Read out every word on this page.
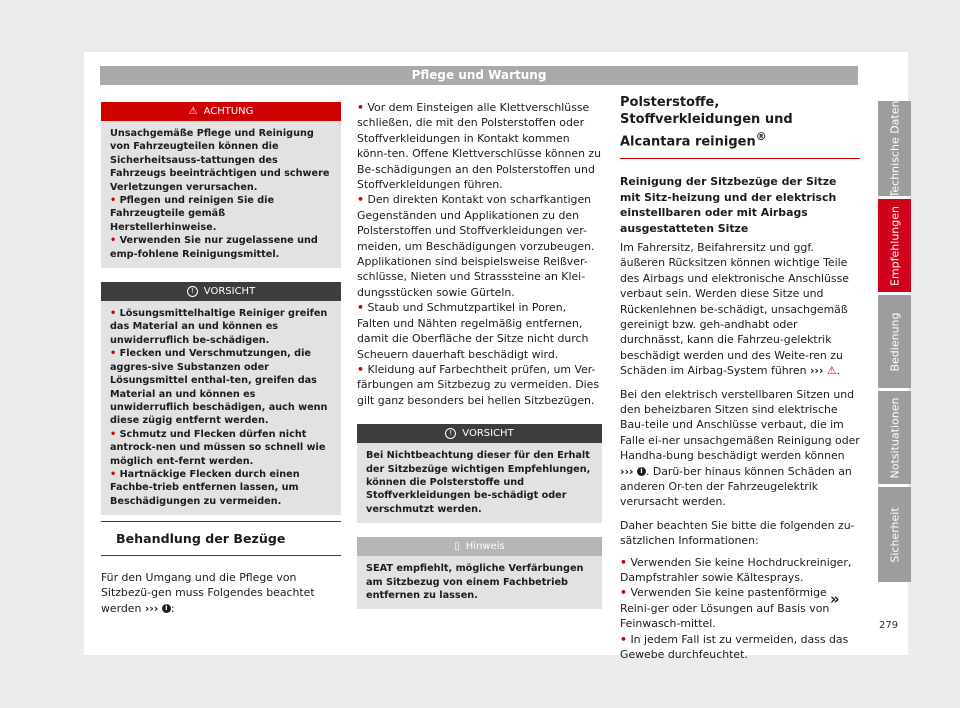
Pflege und Wartung
⚠ ACHTUNG

Unsachgemäße Pflege und Reinigung von Fahrzeugteilen können die Sicherheitsauss-tattungen des Fahrzeugs beeinträchtigen und schwere Verletzungen verursachen.

• Pflegen und reinigen Sie die Fahrzeugteile gemäß Herstellerhinweise.

• Verwenden Sie nur zugelassene und emp-fohlene Reinigungsmittel.

!	VORSICHT

• Lösungsmittelhaltige Reiniger greifen das Material an und können es unwiderruflich be-schädigen.

• Flecken und Verschmutzungen, die aggres-sive Substanzen oder Lösungsmittel enthal-ten, greifen das Material an und können es unwiderruflich beschädigen, auch wenn diese zügig entfernt werden.

• Schmutz und Flecken dürfen nicht antrock-nen und müssen so schnell wie möglich ent-fernt werden.

• Hartnäckige Flecken durch einen Fachbe-trieb entfernen lassen, um Beschädigungen zu vermeiden.

Behandlung der Bezüge

Für den Umgang und die Pflege von Sitzbezü-gen muss Folgendes beachtet werden ››› i :

• Vor dem Einsteigen alle Klettverschlüsse schließen, die mit den Polsterstoffen oder Stoffverkleidungen in Kontakt kommen könn-ten. Offene Klettverschlüsse können zu Be-schädigungen an den Polsterstoffen und Stoffverkleidungen führen.

• Den direkten Kontakt von scharfkantigen Gegenständen und Applikationen zu den Polsterstoffen und Stoffverkleidungen ver-meiden, um Beschädigungen vorzubeugen. Applikationen sind beispielsweise Reißver-schlüsse, Nieten und Strasssteine an Klei-dungsstücken sowie Gürteln.

• Staub und Schmutzpartikel in Poren, Falten und Nähten regelmäßig entfernen, damit die Oberfläche der Sitze nicht durch Scheuern dauerhaft beschädigt wird.

• Kleidung auf Farbechtheit prüfen, um Ver-färbungen am Sitzbezug zu vermeiden. Dies gilt ganz besonders bei hellen Sitzbezügen.

!	VORSICHT

Bei Nichtbeachtung dieser für den Erhalt der Sitzbezüge wichtigen Empfehlungen, können die Polsterstoffe und Stoffverkleidungen be-schädigt oder verschmutzt werden.

▯ Hinweis

SEAT empfiehlt, mögliche Verfärbungen am Sitzbezug von einem Fachbetrieb entfernen zu lassen.

Polsterstoffe, Stoffverkleidungen und
Alcantara reinigen®

Reinigung der Sitzbezüge der Sitze mit Sitz-heizung und der elektrisch einstellbaren oder mit Airbags ausgestatteten Sitze

Im Fahrersitz, Beifahrersitz und ggf. äußeren Rücksitzen können wichtige Teile des Airbags und elektronische Anschlüsse verbaut sein. Werden diese Sitze und Rückenlehnen be-schädigt, unsachgemäß gereinigt bzw. geh-andhabt oder durchnässt, kann die Fahrzeu-gelektrik beschädigt werden und des Weite-ren zu Schäden im Airbag-System führen ››› ⚠.

Bei den elektrisch verstellbaren Sitzen und den beheizbaren Sitzen sind elektrische Bau-teile und Anschlüsse verbaut, die im Falle ei-ner unsachgemäßen Reinigung oder Handha-bung beschädigt werden können ››› i . Darü-ber hinaus können Schäden an anderen Or-ten der Fahrzeugelektrik verursacht werden.

Daher beachten Sie bitte die folgenden zu-sätzlichen Informationen:

• Verwenden Sie keine Hochdruckreiniger, Dampfstrahler sowie Kältesprays.

• Verwenden Sie keine pastenförmige Reini-ger oder Lösungen auf Basis von Feinwasch-mittel.

• In jedem Fall ist zu vermeiden, dass das Gewebe durchfeuchtet.

»
Technische Daten
Empfehlungen
Bedienung
Notsituationen
Sicherheit
279
